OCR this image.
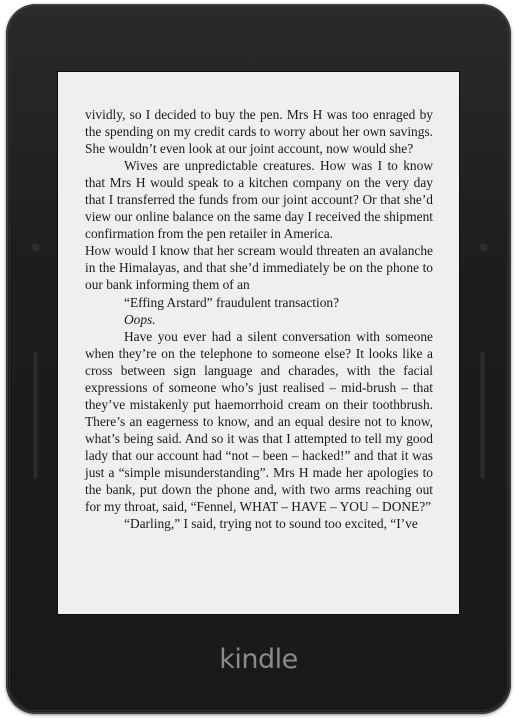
vividly, so I decided to buy the pen. Mrs H was too enraged by the spending on my credit cards to worry about her own savings. She wouldn’t even look at our joint account, now would she?

Wives are unpredictable creatures. How was I to know that Mrs H would speak to a kitchen company on the very day that I transferred the funds from our joint account? Or that she’d view our online balance on the same day I received the shipment confirmation from the pen retailer in America.

How would I know that her scream would threaten an avalanche in the Himalayas, and that she’d immediately be on the phone to our bank informing them of an

“Effing Arstard” fraudulent transaction?

Oops.

Have you ever had a silent conversation with someone when they’re on the telephone to someone else? It looks like a cross between sign language and charades, with the facial expressions of someone who’s just realised – mid-brush – that they’ve mistakenly put haemorrhoid cream on their toothbrush. There’s an eagerness to know, and an equal desire not to know, what’s being said. And so it was that I attempted to tell my good lady that our account had “not – been – hacked!” and that it was just a “simple misunderstanding”. Mrs H made her apologies to the bank, put down the phone and, with two arms reaching out for my throat, said, “Fennel, WHAT – HAVE – YOU – DONE?”

“Darling,” I said, trying not to sound too excited, “I’ve

kindle
